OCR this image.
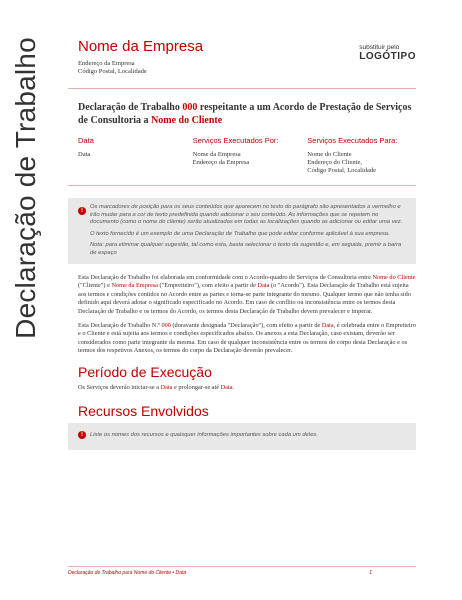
Declaração de Trabalho Nome da Empresa
Endereço da Empresa
Código Postal, Localidade
substituir pelo
LOGÓTIPO
Declaração de Trabalho 000 respeitante a um Acordo de Prestação de Serviços de Consultoria a Nome do Cliente
Data
Data
Serviços Executados Por:
Nome da Empresa
Endereço da Empresa
Serviços Executados Para:
Nome do Cliente
Endereço do Cliente,
Código Postal, Localidade
!

Os marcadores de posição para os seus conteúdos que aparecem no texto do parágrafo são apresentados a vermelho e irão mudar para a cor de texto predefinida quando adicionar o seu conteúdo. As informações que se repetem no documento (como o nome do cliente) serão atualizadas em todas as localizações quando as adicionar ou editar uma vez.

O texto fornecido é um exemplo de uma Declaração de Trabalho que pode editar conforme aplicável à sua empresa.

Nota: para eliminar qualquer sugestão, tal como esta, basta selecionar o texto da sugestão e, em seguida, premir a barra de espaço

Esta Declaração de Trabalho foi elaborada em conformidade com o Acordo-quadro de Serviços de Consultoria entre Nome do Cliente ("Cliente") e Nome da Empresa ("Empreiteiro"), com efeito a partir de Data (o "Acordo"). Esta Declaração de Trabalho está sujeita aos termos e condições contidos no Acordo entre as partes e torna-se parte integrante do mesmo. Qualquer termo que não tenha sido definido aqui deverá adotar o significado especificado no Acordo. Em caso de conflito ou inconsistência entre os termos desta Declaração de Trabalho e os termos do Acordo, os termos desta Declaração de Trabalho devem prevalecer e imperar.
Esta Declaração de Trabalho N.º 000 (doravante designada "Declaração"), com efeito a partir de Data, é celebrada entre o Empreiteiro e o Cliente e está sujeita aos termos e condições especificados abaixo. Os anexos a esta Declaração, caso existam, deverão ser considerados como parte integrante da mesma. Em caso de qualquer inconsistência entre os termos do corpo desta Declaração e os termos dos respetivos Anexos, os termos do corpo da Declaração deverão prevalecer.
Período de Execução
Os Serviços deverão iniciar-se a Data e prolongar-se até Data.
Recursos Envolvidos
!	Liste os nomes dos recursos e quaisquer informações importantes sobre cada um deles.

Declaração de Trabalho para Nome do Cliente • Data	1
